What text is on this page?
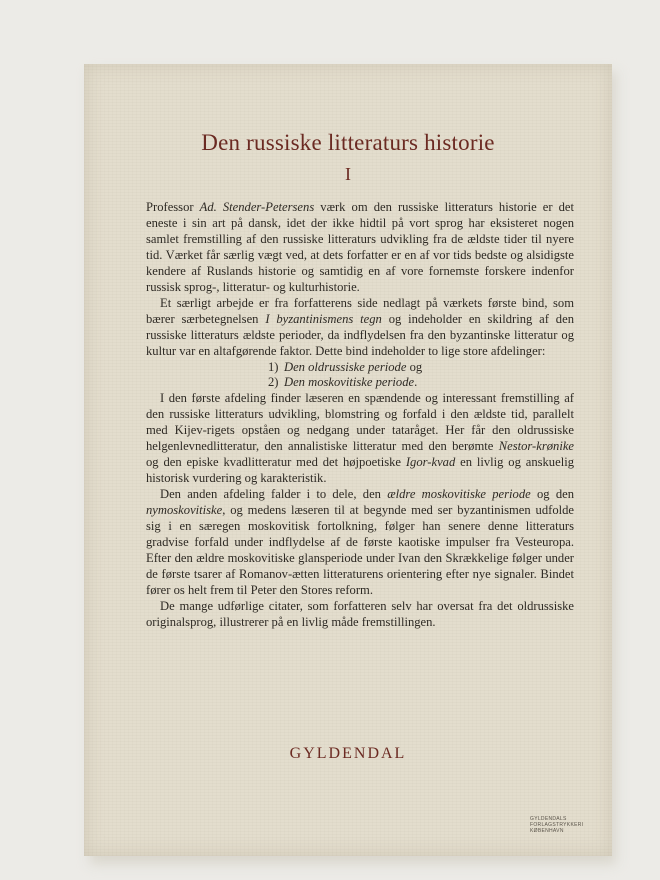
Den russiske litteraturs historie
I

Professor Ad. Stender-Petersens værk om den russiske litteraturs historie er det eneste i sin art på dansk, idet der ikke hidtil på vort sprog har eksisteret nogen samlet fremstilling af den russiske litteraturs udvikling fra de ældste tider til nyere tid. Værket får særlig vægt ved, at dets forfatter er en af vor tids bedste og alsidigste kendere af Ruslands historie og samtidig en af vore fornemste forskere indenfor russisk sprog-, litteratur- og kulturhistorie.

Et særligt arbejde er fra forfatterens side nedlagt på værkets første bind, som bærer særbetegnelsen I byzantinismens tegn og indeholder en skildring af den russiske litteraturs ældste perioder, da indflydelsen fra den byzantinske litteratur og kultur var en altafgørende faktor. Dette bind indeholder to lige store afdelinger:

1) Den oldrussiske periode og
2) Den moskovitiske periode.

I den første afdeling finder læseren en spændende og interessant fremstilling af den russiske litteraturs udvikling, blomstring og forfald i den ældste tid, parallelt med Kijev-rigets opståen og nedgang under tataråget. Her får den oldrussiske helgenlevnedlitteratur, den annalistiske litteratur med den berømte Nestor-krønike og den episke kvadlitteratur med det højpoetiske Igor-kvad en livlig og anskuelig historisk vurdering og karakteristik.

Den anden afdeling falder i to dele, den ældre moskovitiske periode og den nymoskovitiske, og medens læseren til at begynde med ser byzantinismen udfolde sig i en særegen moskovitisk fortolkning, følger han senere denne litteraturs gradvise forfald under indflydelse af de første kaotiske impulser fra Vesteuropa. Efter den ældre moskovitiske glansperiode under Ivan den Skrækkelige følger under de første tsarer af Romanov-ætten litteraturens orientering efter nye signaler. Bindet fører os helt frem til Peter den Stores reform.

De mange udførlige citater, som forfatteren selv har oversat fra det oldrussiske originalsprog, illustrerer på en livlig måde fremstillingen.

GYLDENDAL
GYLDENDALS
FORLAGSTRYKKERI
KØBENHAVN
